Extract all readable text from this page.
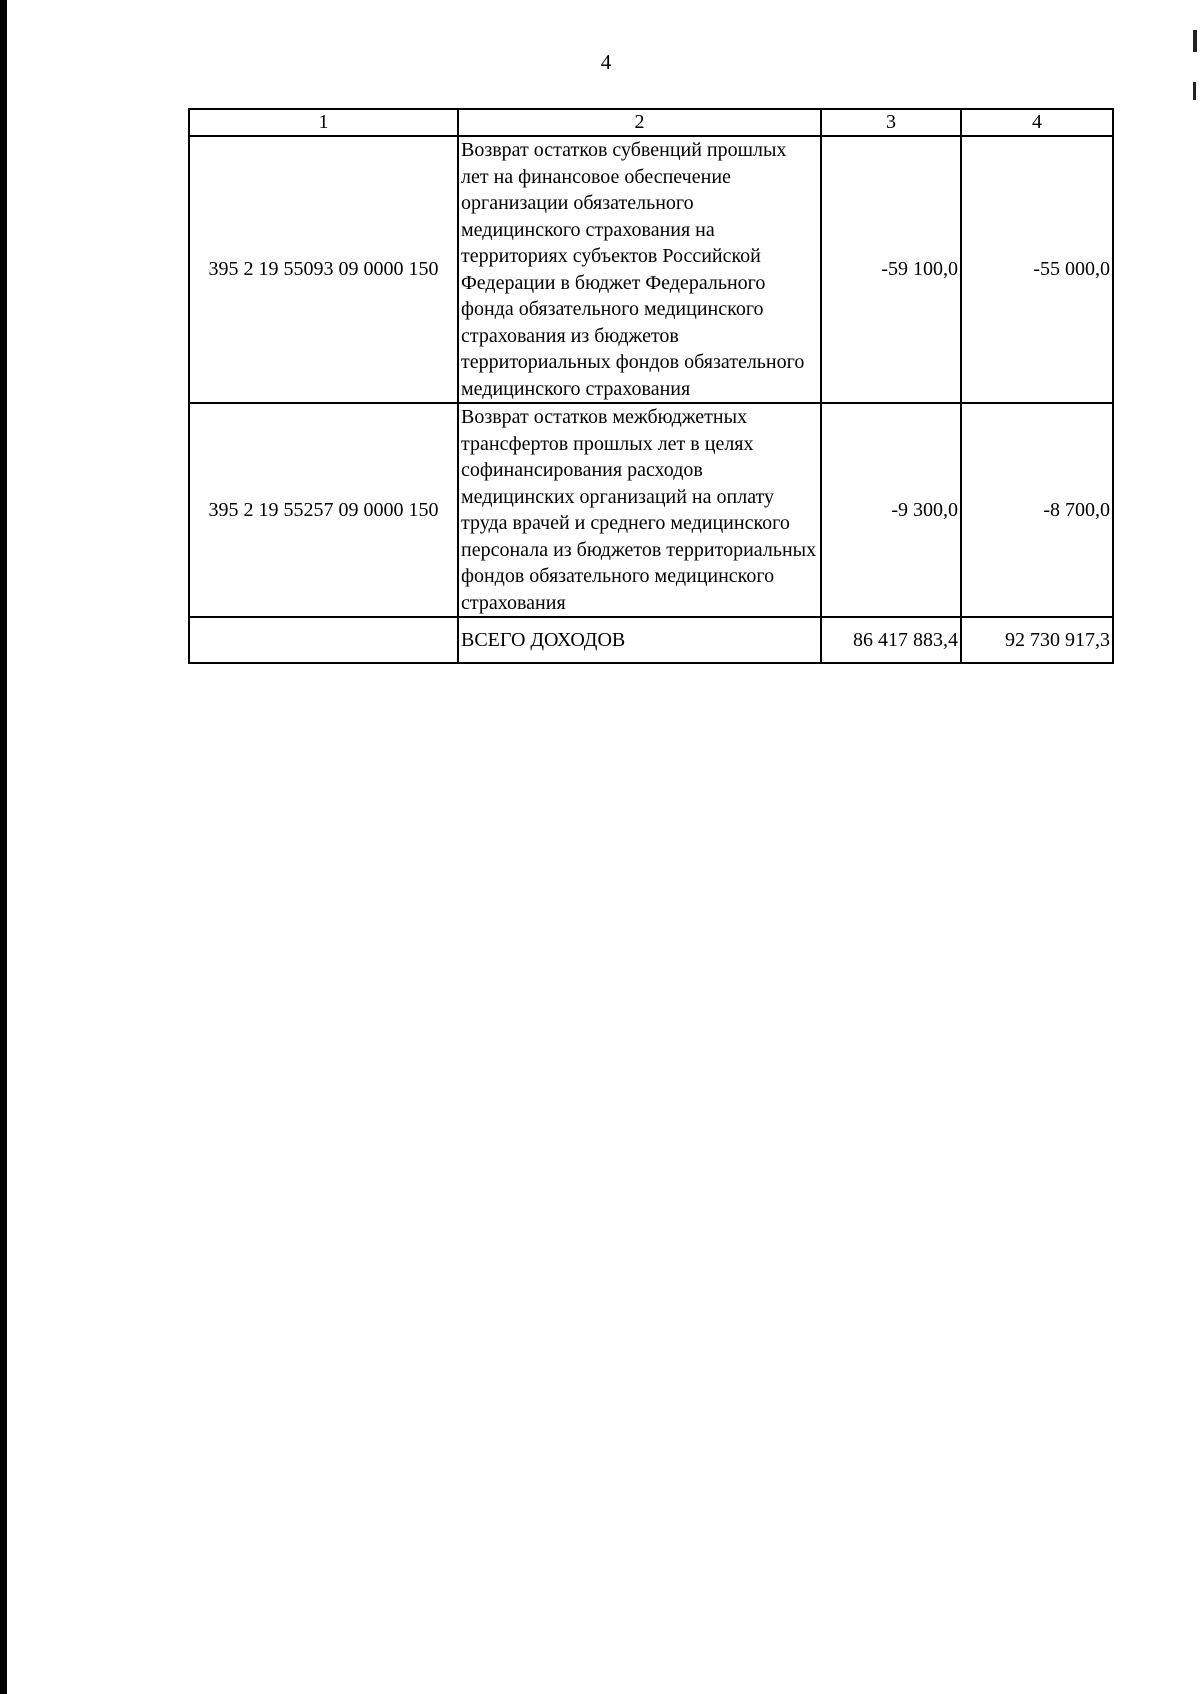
4
1	2	3	4
395 2 19 55093 09 0000 150	Возврат остатков субвенций прошлых лет на финансовое обеспечение организации обязательного медицинского страхования на территориях субъектов Российской Федерации в бюджет Федерального фонда обязательного медицинского страхования из бюджетов территориальных фондов обязательного медицинского страхования	-59 100,0	-55 000,0
395 2 19 55257 09 0000 150	Возврат остатков межбюджетных трансфертов прошлых лет в целях софинансирования расходов медицинских организаций на оплату труда врачей и среднего медицинского персонала из бюджетов территориальных фондов обязательного медицинского страхования	-9 300,0	-8 700,0
	ВСЕГО ДОХОДОВ	86 417 883,4	92 730 917,3
